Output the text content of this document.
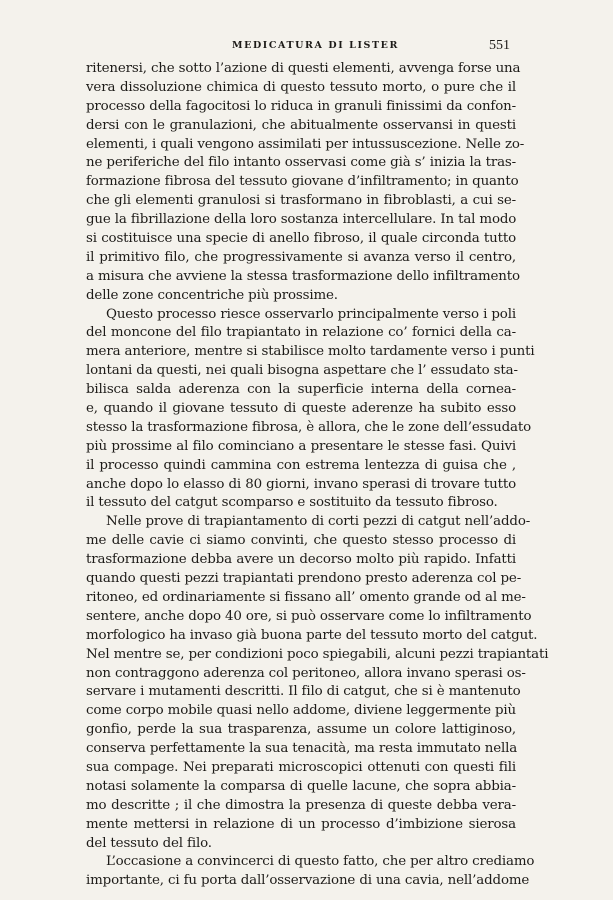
MEDICATURA DI LISTER	551
ritenersi, che sotto l’azione di questi elementi, avvenga forse una
vera dissoluzione chimica di questo tessuto morto, o pure che il
processo della fagocitosi lo riduca in granuli finissimi da confon-
dersi con le granulazioni, che abitualmente osservansi in questi
elementi, i quali vengono assimilati per intussuscezione. Nelle zo-
ne periferiche del filo intanto osservasi come già s’ inizia la tras-
formazione fibrosa del tessuto giovane d’infiltramento; in quanto
che gli elementi granulosi si trasformano in fibroblasti, a cui se-
gue la fibrillazione della loro sostanza intercellulare. In tal modo
si costituisce una specie di anello fibroso, il quale circonda tutto
il primitivo filo, che progressivamente si avanza verso il centro,
a misura che avviene la stessa trasformazione dello infiltramento
delle zone concentriche più prossime.
Questo processo riesce osservarlo principalmente verso i poli
del moncone del filo trapiantato in relazione co’ fornici della ca-
mera anteriore, mentre si stabilisce molto tardamente verso i punti
lontani da questi, nei quali bisogna aspettare che l’ essudato sta-
bilisca salda aderenza con la superficie interna della cornea-
e, quando il giovane tessuto di queste aderenze ha subito esso
stesso la trasformazione fibrosa, è allora, che le zone dell’essudato
più prossime al filo cominciano a presentare le stesse fasi. Quivi
il processo quindi cammina con estrema lentezza di guisa che ,
anche dopo lo elasso di 80 giorni, invano sperasi di trovare tutto
il tessuto del catgut scomparso e sostituito da tessuto fibroso.
Nelle prove di trapiantamento di corti pezzi di catgut nell’addo-
me delle cavie ci siamo convinti, che questo stesso processo di
trasformazione debba avere un decorso molto più rapido. Infatti
quando questi pezzi trapiantati prendono presto aderenza col pe-
ritoneo, ed ordinariamente si fissano all’ omento grande od al me-
sentere, anche dopo 40 ore, si può osservare come lo infiltramento
morfologico ha invaso già buona parte del tessuto morto del catgut.
Nel mentre se, per condizioni poco spiegabili, alcuni pezzi trapiantati
non contraggono aderenza col peritoneo, allora invano sperasi os-
servare i mutamenti descritti. Il filo di catgut, che si è mantenuto
come corpo mobile quasi nello addome, diviene leggermente più
gonfio, perde la sua trasparenza, assume un colore lattiginoso,
conserva perfettamente la sua tenacità, ma resta immutato nella
sua compage. Nei preparati microscopici ottenuti con questi fili
notasi solamente la comparsa di quelle lacune, che sopra abbia-
mo descritte ; il che dimostra la presenza di queste debba vera-
mente mettersi in relazione di un processo d’imbizione sierosa
del tessuto del filo.
L’occasione a convincerci di questo fatto, che per altro crediamo
importante, ci fu porta dall’osservazione di una cavia, nell’addome
